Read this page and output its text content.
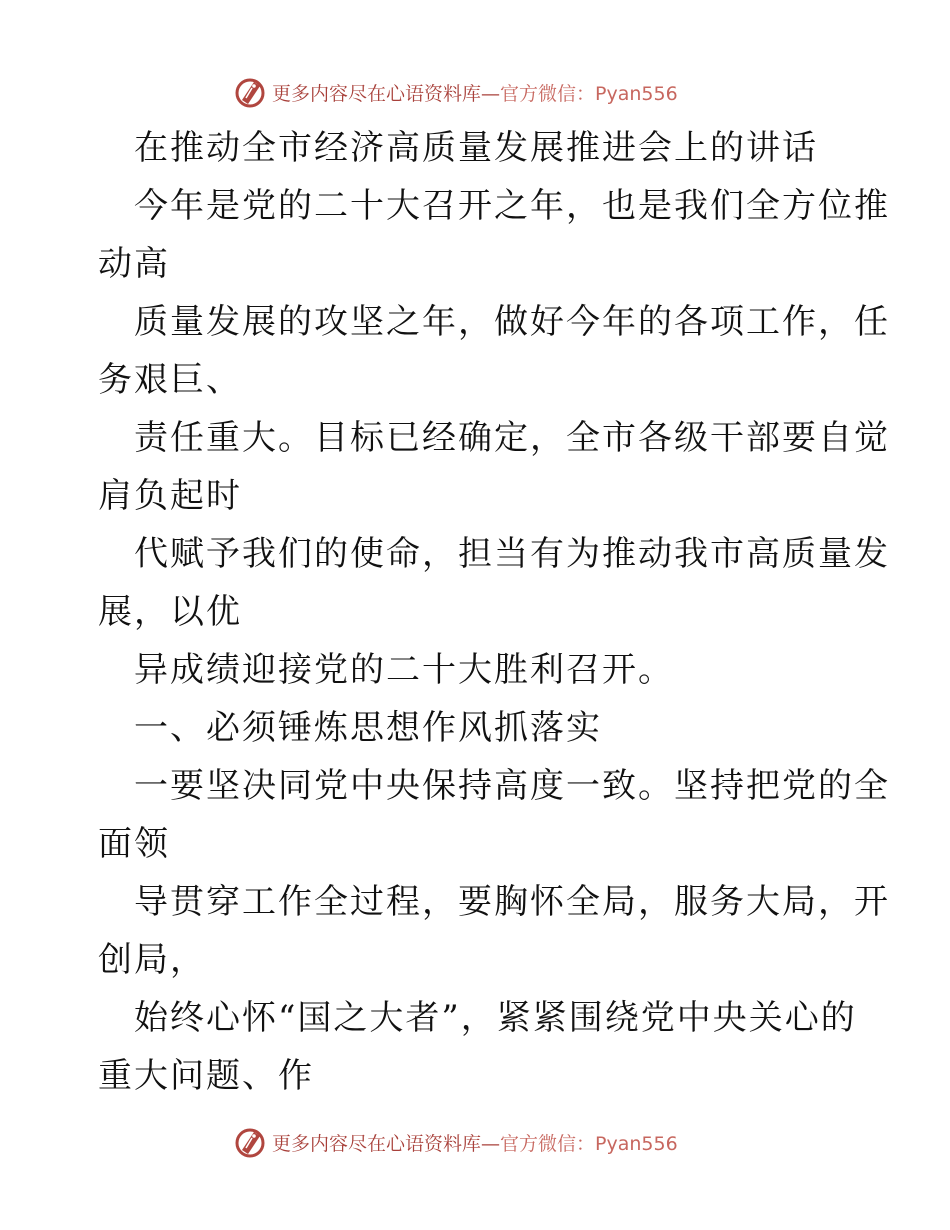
更多内容尽在心语资料库—官方微信：Pyan556
在推动全市经济高质量发展推进会上的讲话
今年是党的二十大召开之年，也是我们全方位推
动高
质量发展的攻坚之年，做好今年的各项工作，任
务艰巨、
责任重大。目标已经确定，全市各级干部要自觉
肩负起时
代赋予我们的使命，担当有为推动我市高质量发
展，以优
异成绩迎接党的二十大胜利召开。
一、必须锤炼思想作风抓落实
一要坚决同党中央保持高度一致。坚持把党的全
面领
导贯穿工作全过程，要胸怀全局，服务大局，开
创局，
始终心怀“国之大者”，紧紧围绕党中央关心的
重大问题、作
更多内容尽在心语资料库—官方微信：Pyan556
